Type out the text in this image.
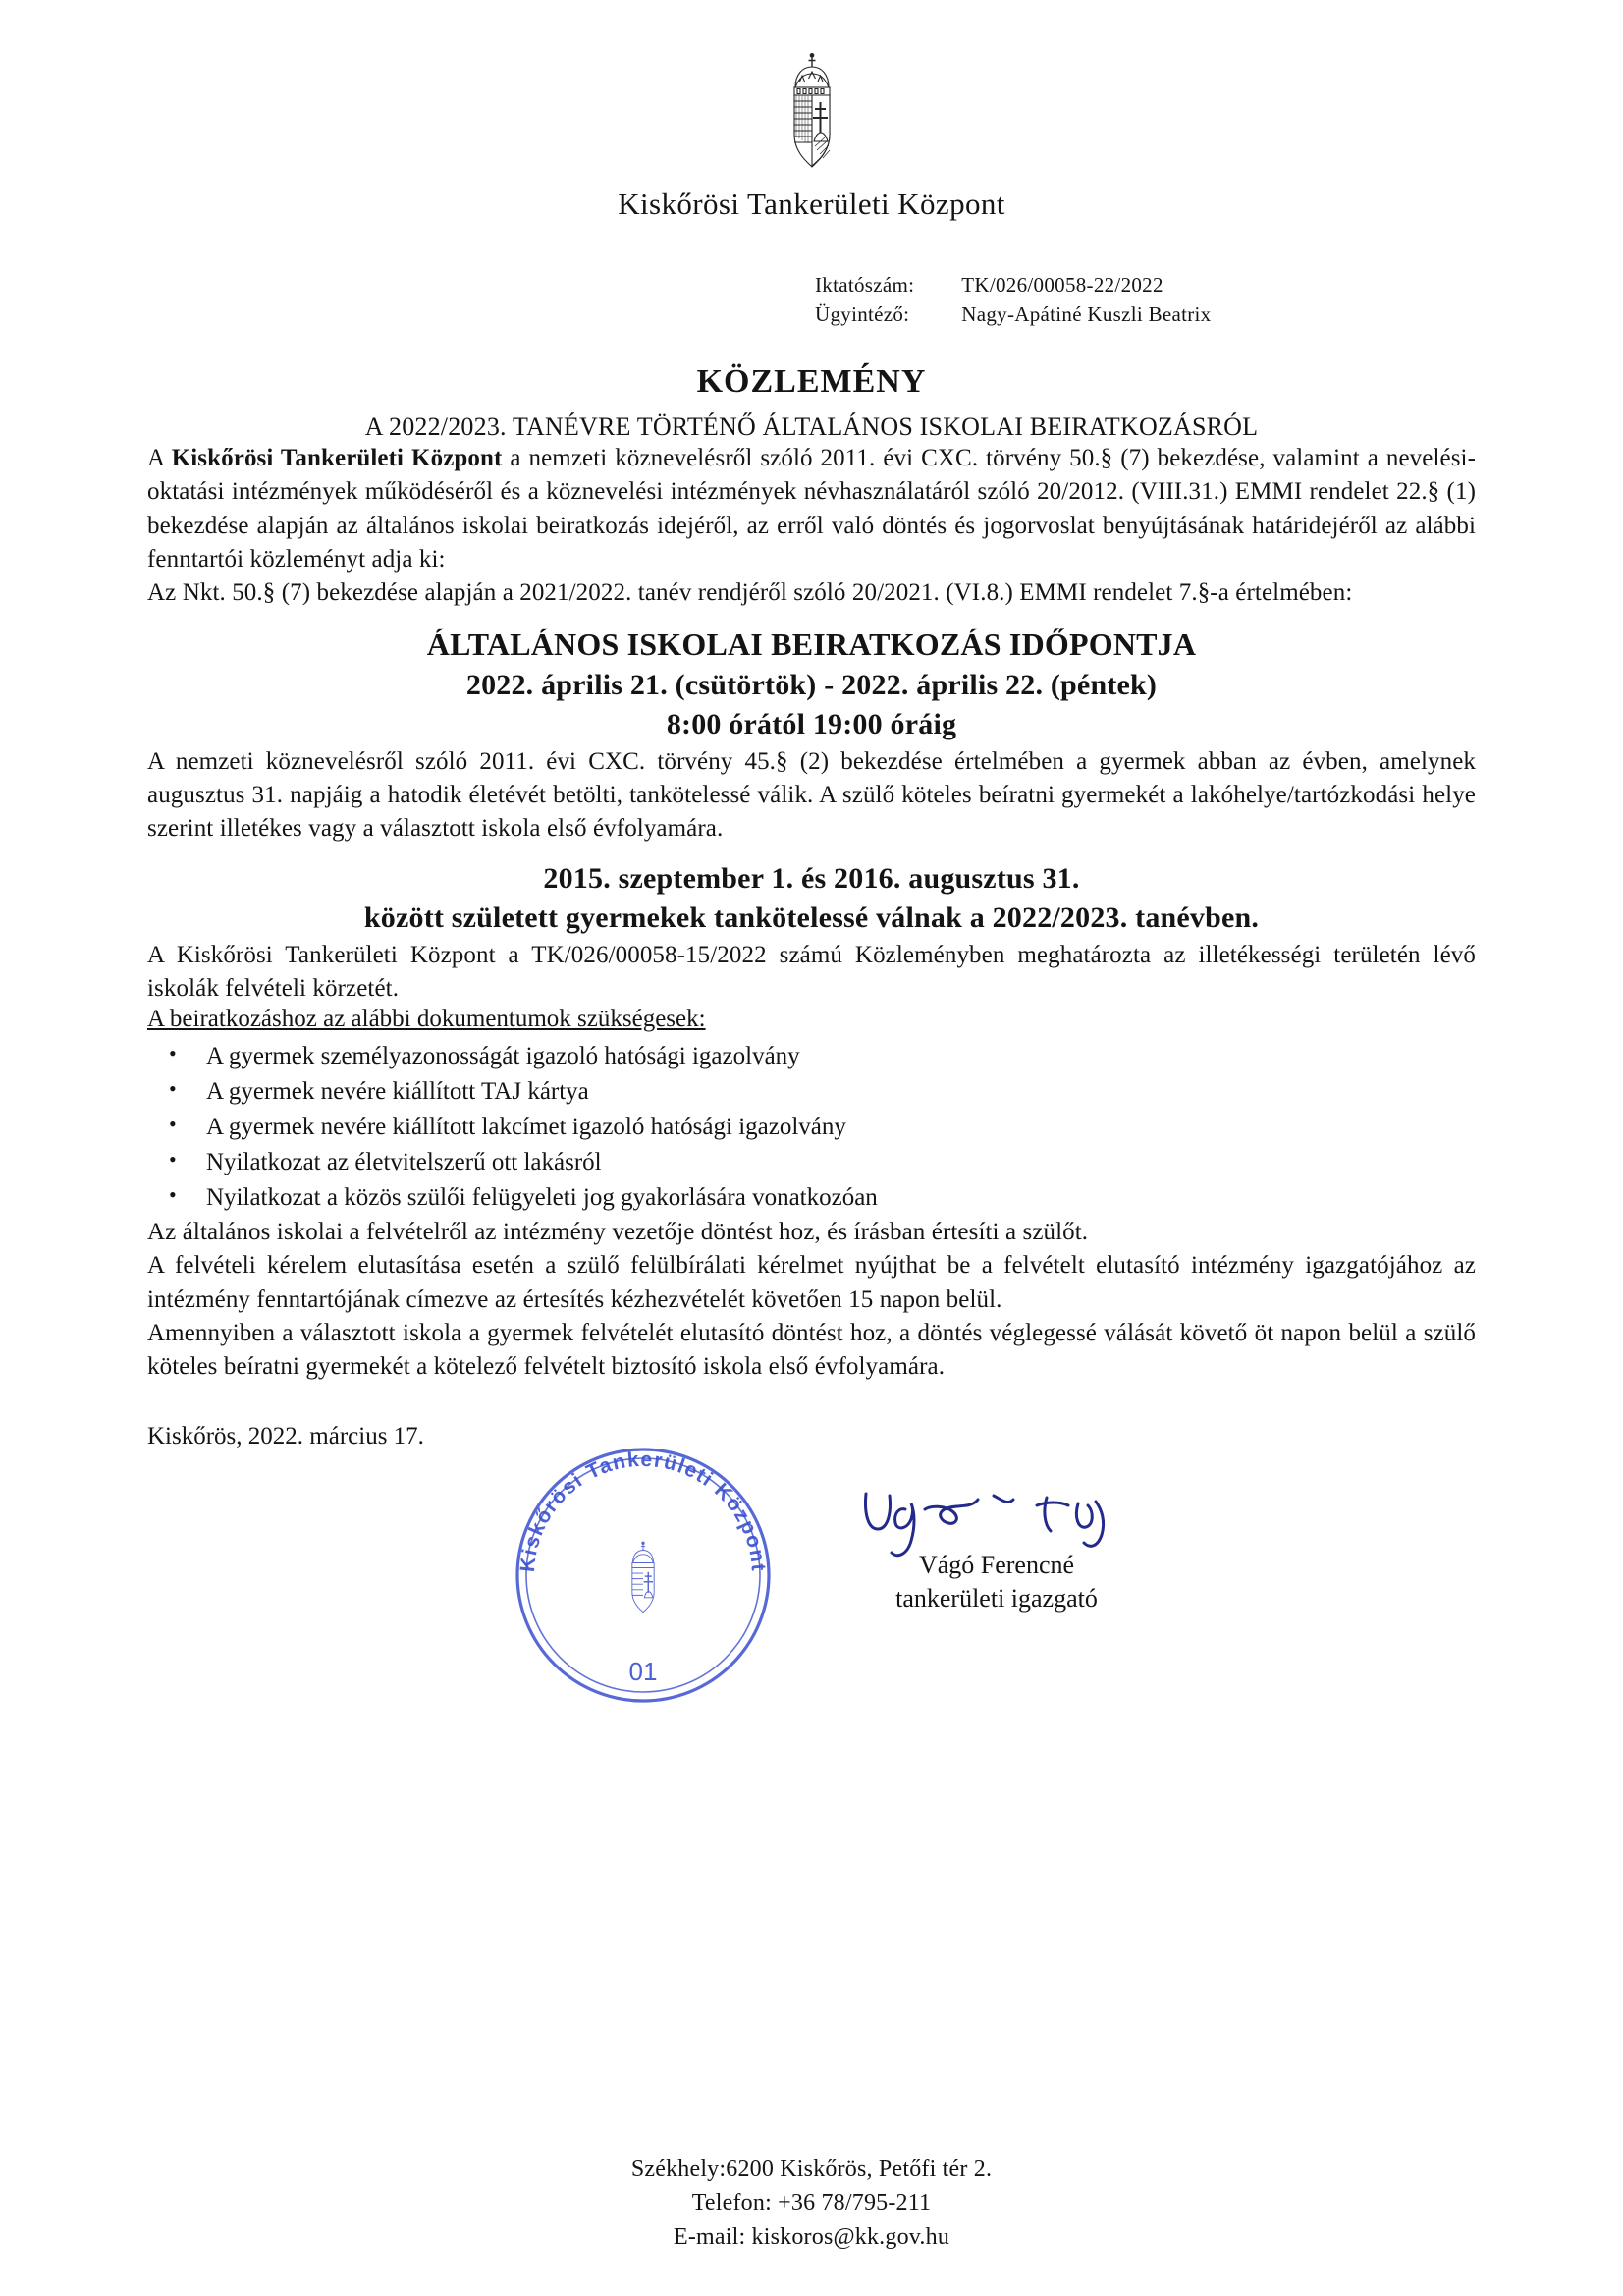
Kiskőrösi Tankerületi Központ
Iktatószám:	TK/026/00058-22/2022
Ügyintéző:	Nagy-Apátiné Kuszli Beatrix
KÖZLEMÉNY
A 2022/2023. TANÉVRE TÖRTÉNŐ ÁLTALÁNOS ISKOLAI BEIRATKOZÁSRÓL

A Kiskőrösi Tankerületi Központ a nemzeti köznevelésről szóló 2011. évi CXC. törvény 50.§ (7) bekezdése, valamint a nevelési-oktatási intézmények működéséről és a köznevelési intézmények névhasználatáról szóló 20/2012. (VIII.31.) EMMI rendelet 22.§ (1) bekezdése alapján az általános iskolai beiratkozás idejéről, az erről való döntés és jogorvoslat benyújtásának határidejéről az alábbi fenntartói közleményt adja ki:

Az Nkt. 50.§ (7) bekezdése alapján a 2021/2022. tanév rendjéről szóló 20/2021. (VI.8.) EMMI rendelet 7.§-a értelmében:

ÁLTALÁNOS ISKOLAI BEIRATKOZÁS IDŐPONTJA
2022. április 21. (csütörtök) - 2022. április 22. (péntek)
8:00 órától 19:00 óráig

A nemzeti köznevelésről szóló 2011. évi CXC. törvény 45.§ (2) bekezdése értelmében a gyermek abban az évben, amelynek augusztus 31. napjáig a hatodik életévét betölti, tankötelessé válik. A szülő köteles beíratni gyermekét a lakóhelye/tartózkodási helye szerint illetékes vagy a választott iskola első évfolyamára.

2015. szeptember 1. és 2016. augusztus 31.
között született gyermekek tankötelessé válnak a 2022/2023. tanévben.

A Kiskőrösi Tankerületi Központ a TK/026/00058-15/2022 számú Közleményben meghatározta az illetékességi területén lévő iskolák felvételi körzetét.

A beiratkozáshoz az alábbi dokumentumok szükségesek:

• A gyermek személyazonosságát igazoló hatósági igazolvány
• A gyermek nevére kiállított TAJ kártya
• A gyermek nevére kiállított lakcímet igazoló hatósági igazolvány
• Nyilatkozat az életvitelszerű ott lakásról
• Nyilatkozat a közös szülői felügyeleti jog gyakorlására vonatkozóan

Az általános iskolai a felvételről az intézmény vezetője döntést hoz, és írásban értesíti a szülőt.

A felvételi kérelem elutasítása esetén a szülő felülbírálati kérelmet nyújthat be a felvételt elutasító intézmény igazgatójához az intézmény fenntartójának címezve az értesítés kézhezvételét követően 15 napon belül.

Amennyiben a választott iskola a gyermek felvételét elutasító döntést hoz, a döntés véglegessé válását követő öt napon belül a szülő köteles beíratni gyermekét a kötelező felvételt biztosító iskola első évfolyamára.

Kiskőrös, 2022. március 17.
Kiskőrösi Tankerületi Központ
01
Vágó Ferencné
tankerületi igazgató
Székhely:6200 Kiskőrös, Petőfi tér 2.
Telefon: +36 78/795-211
E-mail: kiskoros@kk.gov.hu
